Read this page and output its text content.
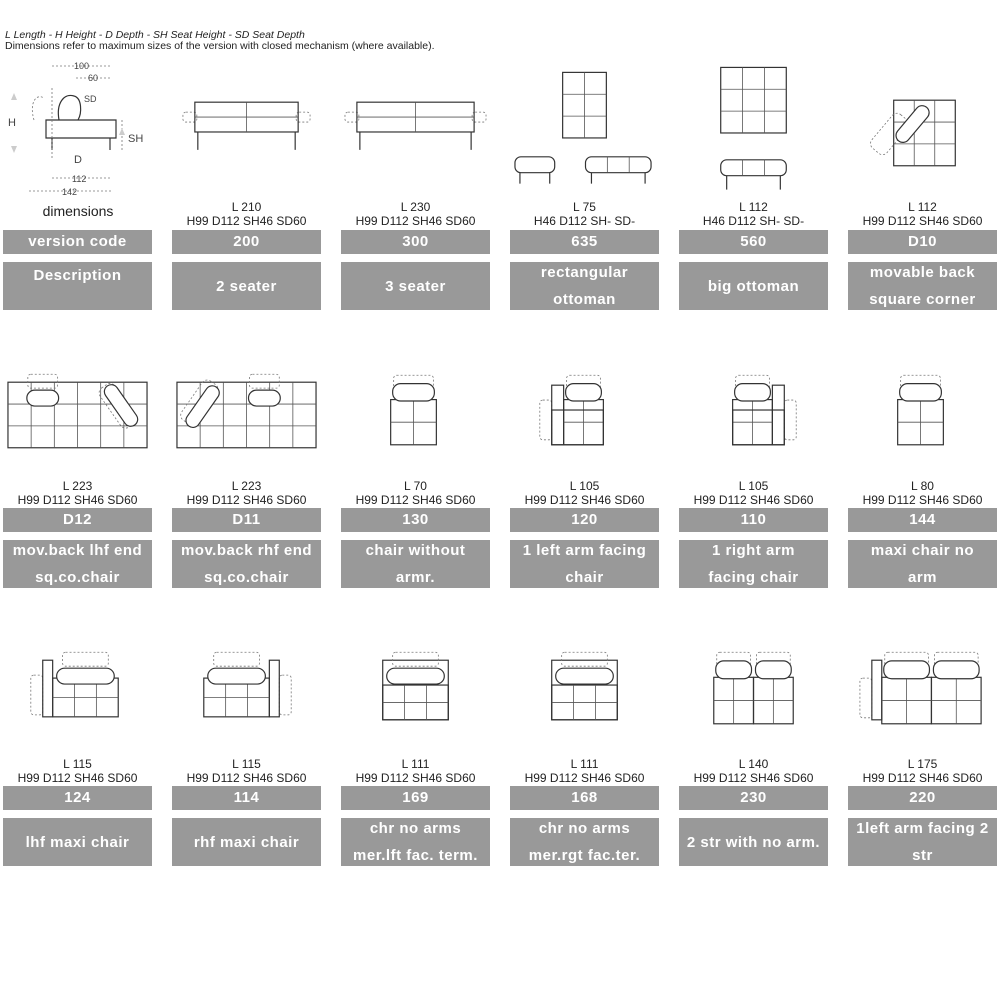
L Length - H Height - D Depth - SH Seat Height - SD Seat Depth
Dimensions refer to maximum sizes of the version with closed mechanism (where available).
100
60
SD
H
SH
D
112
142
dimensions
version code
Description
L 210
H99 D112 SH46 SD60
200
2 seater
L 230
H99 D112 SH46 SD60
300
3 seater
L 75
H46 D112 SH- SD-
635
rectangular
ottoman
L 112
H46 D112 SH- SD-
560
big ottoman
L 112
H99 D112 SH46 SD60
D10
movable back
square corner
L 223
H99 D112 SH46 SD60
D12
mov.back lhf end
sq.co.chair
L 223
H99 D112 SH46 SD60
D11
mov.back rhf end
sq.co.chair
L 70
H99 D112 SH46 SD60
130
chair without
armr.
L 105
H99 D112 SH46 SD60
120
1 left arm facing
chair
L 105
H99 D112 SH46 SD60
110
1 right arm
facing chair
L 80
H99 D112 SH46 SD60
144
maxi chair no
arm
L 115
H99 D112 SH46 SD60
124
lhf maxi chair
L 115
H99 D112 SH46 SD60
114
rhf maxi chair
L 111
H99 D112 SH46 SD60
169
chr no arms
mer.lft fac. term.
L 111
H99 D112 SH46 SD60
168
chr no arms
mer.rgt fac.ter.
L 140
H99 D112 SH46 SD60
230
2 str with no arm.
L 175
H99 D112 SH46 SD60
220
1left arm facing 2
str
